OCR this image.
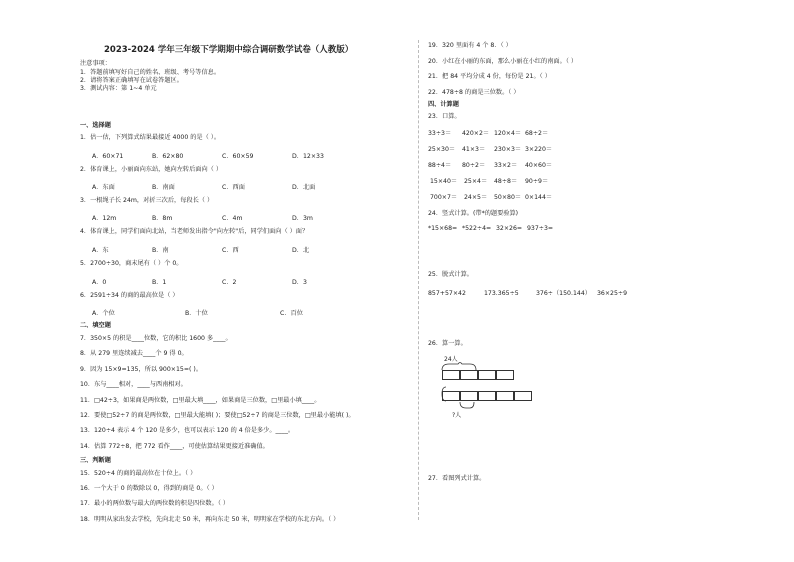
2023-2024 学年三年级下学期期中综合调研数学试卷（人教版）
注意事项：
1．答题前填写好自己的姓名、班级、考号等信息。
2．请将答案正确填写在试卷答题区。
3．测试内容：第 1~4 单元
一、选择题
1．估一估，下列算式结果最接近 4000 的是（ ）。
A．60×71	B．62×80	C．60×59	D．12×33
2．体育课上，小丽面向东站，她向左转后面向（ ）
A．东面	B．南面	C．西面	D．北面
3．一根绳子长 24m，对折三次后，每段长（ ）
A．12m	B．8m	C．4m	D．3m
4．体育课上，同学们面向北站，当老师发出指令"向左转"后，同学们面向（ ）面？
A．东	B．南	C．西	D．北
5．2700÷30，商末尾有（ ）个 0。
A．0	B．1	C．2	D．3
6．2591÷34 的商的最高位是（ ）
A．个位	B．十位	C．百位
二、填空题
7．350×5 的积是____位数，它的积比 1600 多____。
8．从 279 里连续减去____个 9 得 0。
9．因为 15×9=135，所以 900×15=( )。
10．东与____相对，____与西南相对。
11．□42÷3，如果商是两位数，□里最大填____，如果商是三位数，□里最小填____。
12．要使□52÷7 的商是两位数，□里最大能填( )；要使□52÷7 的商是三位数，□里最小能填( )。
13．120÷4 表示 4 个 120 是多少，也可以表示 120 的 4 倍是多少。____。
14．估算 772÷8，把 772 看作____，可使估算结果更接近准确值。
三、判断题
15．520÷4 的商的最高位在十位上。（ ）
16．一个大于 0 的数除以 0，得到的商是 0。（ ）
17．最小的两位数与最大的两位数的积是四位数。（ ）
18．明明从家出发去学校，先向北走 50 米，再向东走 50 米，明明家在学校的东北方向。（ ）
19．320 里面有 4 个 8．（ ）
20．小红在小丽的东面，那么小丽在小红的南面。（ ）
21．把 84 平均分成 4 份，每份是 21。（ ）
22．478÷8 的商是三位数。（ ）
四、计算题
23．口算。
33÷3＝ 420×2＝ 120×4＝ 68÷2＝
25×30＝ 41×3＝ 230×3＝ 3×220＝
88÷4＝ 80÷2＝ 33×2＝ 40×60＝
15×40＝ 25×4＝ 48÷8＝ 90÷9＝
700×7＝ 24×5＝ 50×80＝ 0×144＝
24．竖式计算。(带*的题要验算)
*15×68= *522÷4= 32×26= 937÷3=
25．脱式计算。
857+57×42	173.365÷5	376÷（150.144） 36×25÷9
26．算一算。
24人
?人
27．看图列式计算。
